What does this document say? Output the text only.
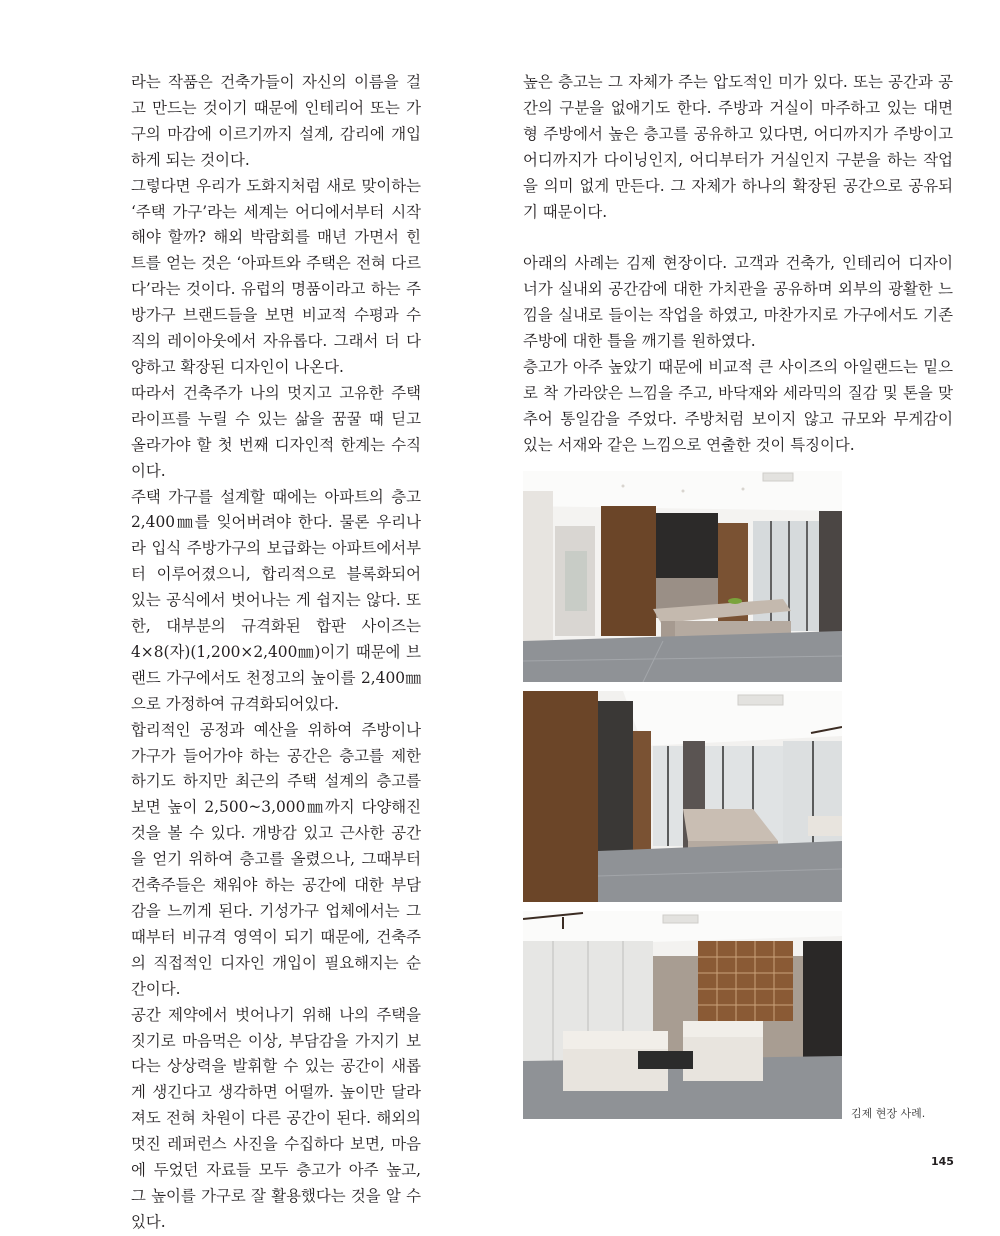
라는 작품은 건축가들이 자신의 이름을 걸고 만드는 것이기 때문에 인테리어 또는 가구의 마감에 이르기까지 설계, 감리에 개입하게 되는 것이다.

그렇다면 우리가 도화지처럼 새로 맞이하는 ‘주택 가구’라는 세계는 어디에서부터 시작해야 할까? 해외 박람회를 매년 가면서 힌트를 얻는 것은 ‘아파트와 주택은 전혀 다르다’라는 것이다. 유럽의 명품이라고 하는 주방가구 브랜드들을 보면 비교적 수평과 수직의 레이아웃에서 자유롭다. 그래서 더 다양하고 확장된 디자인이 나온다.

따라서 건축주가 나의 멋지고 고유한 주택 라이프를 누릴 수 있는 삶을 꿈꿀 때 딛고 올라가야 할 첫 번째 디자인적 한계는 수직이다.

주택 가구를 설계할 때에는 아파트의 층고 2,400㎜를 잊어버려야 한다. 물론 우리나라 입식 주방가구의 보급화는 아파트에서부터 이루어졌으니, 합리적으로 블록화되어 있는 공식에서 벗어나는 게 쉽지는 않다. 또한, 대부분의 규격화된 합판 사이즈는 4×8(자)(1,200×2,400㎜)이기 때문에 브랜드 가구에서도 천정고의 높이를 2,400㎜으로 가정하여 규격화되어있다.

합리적인 공정과 예산을 위하여 주방이나 가구가 들어가야 하는 공간은 층고를 제한하기도 하지만 최근의 주택 설계의 층고를 보면 높이 2,500~3,000㎜까지 다양해진 것을 볼 수 있다. 개방감 있고 근사한 공간을 얻기 위하여 층고를 올렸으나, 그때부터 건축주들은 채워야 하는 공간에 대한 부담감을 느끼게 된다. 기성가구 업체에서는 그때부터 비규격 영역이 되기 때문에, 건축주의 직접적인 디자인 개입이 필요해지는 순간이다.

공간 제약에서 벗어나기 위해 나의 주택을 짓기로 마음먹은 이상, 부담감을 가지기 보다는 상상력을 발휘할 수 있는 공간이 새롭게 생긴다고 생각하면 어떨까. 높이만 달라져도 전혀 차원이 다른 공간이 된다. 해외의 멋진 레퍼런스 사진을 수집하다 보면, 마음에 두었던 자료들 모두 층고가 아주 높고, 그 높이를 가구로 잘 활용했다는 것을 알 수 있다.

높은 층고는 그 자체가 주는 압도적인 미가 있다. 또는 공간과 공간의 구분을 없애기도 한다. 주방과 거실이 마주하고 있는 대면형 주방에서 높은 층고를 공유하고 있다면, 어디까지가 주방이고 어디까지가 다이닝인지, 어디부터가 거실인지 구분을 하는 작업을 의미 없게 만든다. 그 자체가 하나의 확장된 공간으로 공유되기 때문이다.

아래의 사례는 김제 현장이다. 고객과 건축가, 인테리어 디자이너가 실내외 공간감에 대한 가치관을 공유하며 외부의 광활한 느낌을 실내로 들이는 작업을 하였고, 마찬가지로 가구에서도 기존 주방에 대한 틀을 깨기를 원하였다.

층고가 아주 높았기 때문에 비교적 큰 사이즈의 아일랜드는 밑으로 착 가라앉은 느낌을 주고, 바닥재와 세라믹의 질감 및 톤을 맞추어 통일감을 주었다. 주방처럼 보이지 않고 규모와 무게감이 있는 서재와 같은 느낌으로 연출한 것이 특징이다.

김제 현장 사례.
145
